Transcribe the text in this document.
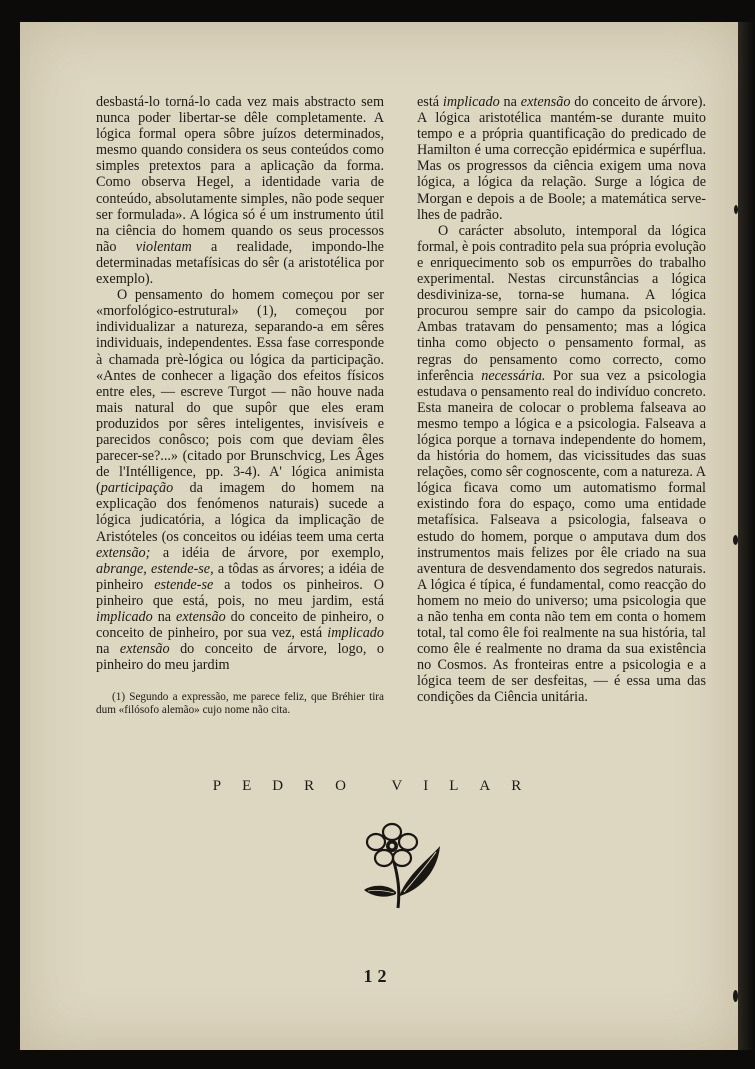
desbastá-lo torná-lo cada vez mais abstracto sem nunca poder libertar-se dêle completamente. A lógica formal opera sôbre juízos determinados, mesmo quando considera os seus conteúdos como simples pretextos para a aplicação da forma. Como observa Hegel, a identidade varia de conteúdo, absolutamente simples, não pode sequer ser formulada». A lógica só é um instrumento útil na ciência do homem quando os seus processos não violentam a realidade, impondo-lhe determinadas metafísicas do sêr (a aristotélica por exemplo).

O pensamento do homem começou por ser «morfológico-estrutural» (1), começou por individualizar a natureza, separando-a em sêres individuais, independentes. Essa fase corresponde à chamada prè-lógica ou lógica da participação. «Antes de conhecer a ligação dos efeitos físicos entre eles, — escreve Turgot — não houve nada mais natural do que supôr que eles eram produzidos por sêres inteligentes, invisíveis e parecidos conôsco; pois com que deviam êles parecer-se?...» (citado por Brunschvicg, Les Âges de l'Intélligence, pp. 3-4). A' lógica animista (participação da imagem do homem na explicação dos fenómenos naturais) sucede a lógica judicatória, a lógica da implicação de Aristóteles (os conceitos ou idéias teem uma certa extensão; a idéia de árvore, por exemplo, abrange, estende-se, a tôdas as árvores; a idéia de pinheiro estende-se a todos os pinheiros. O pinheiro que está, pois, no meu jardim, está implicado na extensão do conceito de pinheiro, o conceito de pinheiro, por sua vez, está implicado na extensão do conceito de árvore, logo, o pinheiro do meu jardim

(1) Segundo a expressão, me parece feliz, que Bréhier tira dum «filósofo alemão» cujo nome não cita.

está implicado na extensão do conceito de árvore). A lógica aristotélica mantém-se durante muito tempo e a própria quantificação do predicado de Hamilton é uma correcção epidérmica e supérflua. Mas os progressos da ciência exigem uma nova lógica, a lógica da relação. Surge a lógica de Morgan e depois a de Boole; a matemática serve-lhes de padrão.

O carácter absoluto, intemporal da lógica formal, è pois contradito pela sua própria evolução e enriquecimento sob os empurrões do trabalho experimental. Nestas circunstâncias a lógica desdiviniza-se, torna-se humana. A lógica procurou sempre sair do campo da psicologia. Ambas tratavam do pensamento; mas a lógica tinha como objecto o pensamento formal, as regras do pensamento como correcto, como inferência necessária. Por sua vez a psicologia estudava o pensamento real do indivíduo concreto. Esta maneira de colocar o problema falseava ao mesmo tempo a lógica e a psicologia. Falseava a lógica porque a tornava independente do homem, da história do homem, das vicissitudes das suas relações, como sêr cognoscente, com a natureza. A lógica ficava como um automatismo formal existindo fora do espaço, como uma entidade metafísica. Falseava a psicologia, falseava o estudo do homem, porque o amputava dum dos instrumentos mais felizes por êle criado na sua aventura de desvendamento dos segredos naturais. A lógica é típica, é fundamental, como reacção do homem no meio do universo; uma psicologia que a não tenha em conta não tem em conta o homem total, tal como êle foi realmente na sua história, tal como êle é realmente no drama da sua existência no Cosmos. As fronteiras entre a psicologia e a lógica teem de ser desfeitas, — é essa uma das condições da Ciência unitária.

PEDRO VILAR
12
